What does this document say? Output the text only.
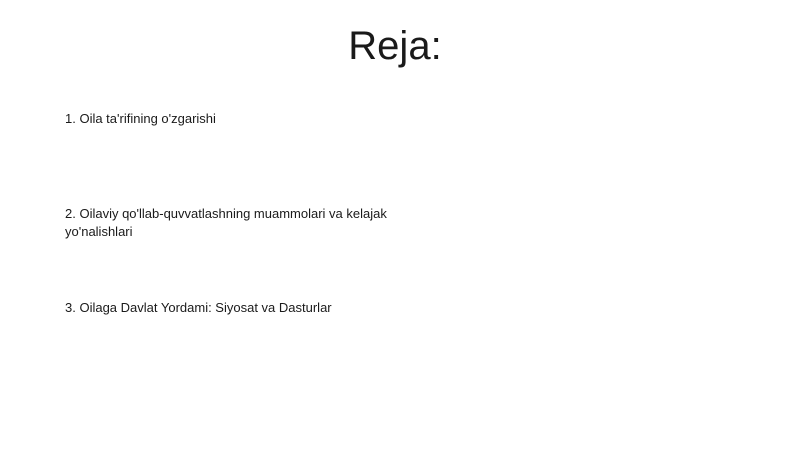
Reja:

1. Oila ta'rifining o'zgarishi

2. Oilaviy qo'llab-quvvatlashning muammolari va kelajak yo'nalishlari

3. Oilaga Davlat Yordami: Siyosat va Dasturlar
